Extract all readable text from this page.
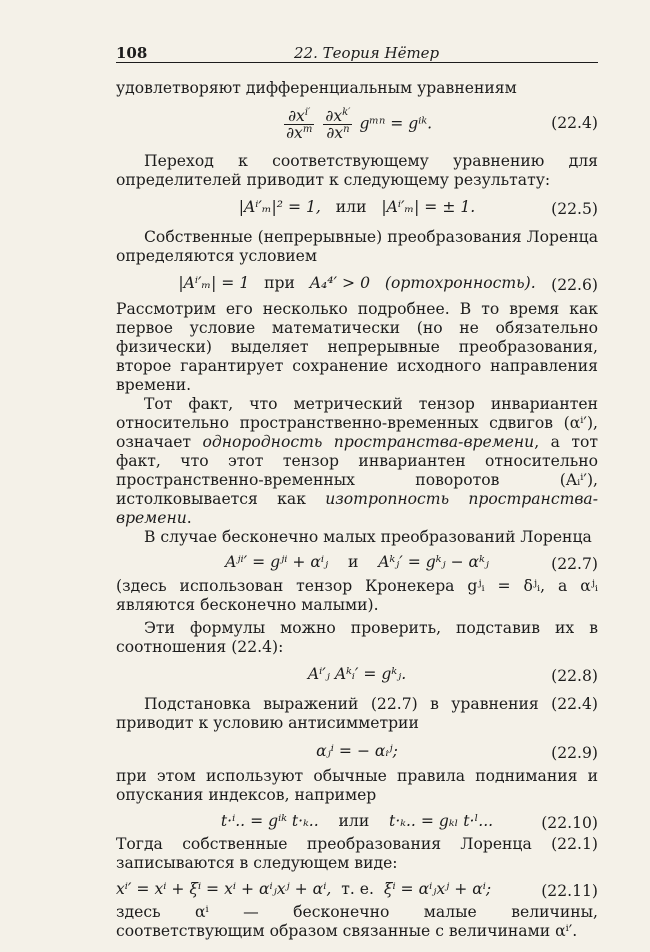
108	22. Теория Нётер

удовлетворяют дифференциальным уравнениям

$\frac{\partial x^{i'}}{\partial x^m}$
$\frac{\partial x^{k'}}{\partial x^n}$ gᵐⁿ = gⁱᵏ.	(22.4)

Переход к соответствующему уравнению для определителей приводит к следующему результату:

|Aⁱ′ₘ|² = 1, или |Aⁱ′ₘ| = ± 1.	(22.5)

Собственные (непрерывные) преобразования Лоренца определяются условием

|Aⁱ′ₘ| = 1 при A₄⁴′ > 0 (ортохронность). (22.6)

Рассмотрим его несколько подробнее. В то время как первое условие математически (но не обязательно физически) выделяет непрерывные преобразования, второе гарантирует сохранение исходного направления времени.

Тот факт, что метрический тензор инвариантен относительно пространственно-временных сдвигов (αⁱ′), означает однородность пространства-времени, а тот факт, что этот тензор инвариантен относительно пространственно-временных поворотов (Aᵢⁱ′), истолковывается как изотропность пространства-времени.

В случае бесконечно малых преобразований Лоренца

Aʲⁱ′ = gʲⁱ + αⁱⱼ и Aᵏⱼ′ = gᵏⱼ − αᵏⱼ	(22.7)

(здесь использован тензор Кронекера gʲᵢ = δʲᵢ, а αʲᵢ являются бесконечно малыми).

Эти формулы можно проверить, подставив их в соотношения (22.4):

Aⁱ′ⱼ Aᵏᵢ′ = gᵏⱼ.	(22.8)

Подстановка выражений (22.7) в уравнения (22.4) приводит к условию антисимметрии

αⱼⁱ = − αᵢʲ;	(22.9)

при этом используют обычные правила поднимания и опускания индексов, например

t·ⁱ.. = gⁱᵏ t·ₖ.. или t·ₖ.. = gₖₗ t·ˡ...	(22.10)

Тогда собственные преобразования Лоренца (22.1) записываются в следующем виде:

xⁱ′ = xⁱ + ξⁱ = xⁱ + αⁱⱼxʲ + αⁱ, т. е. ξⁱ = αⁱⱼxʲ + αⁱ;	(22.11)

здесь αⁱ — бесконечно малые величины, соответствующим образом связанные с величинами αⁱ′.
